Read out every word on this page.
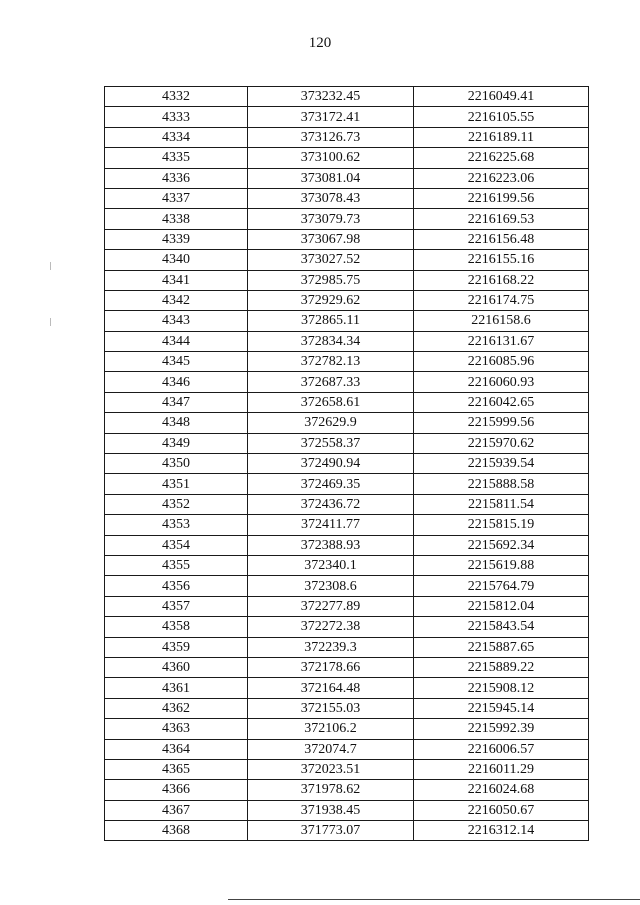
120
4332	373232.45	2216049.41
4333	373172.41	2216105.55
4334	373126.73	2216189.11
4335	373100.62	2216225.68
4336	373081.04	2216223.06
4337	373078.43	2216199.56
4338	373079.73	2216169.53
4339	373067.98	2216156.48
4340	373027.52	2216155.16
4341	372985.75	2216168.22
4342	372929.62	2216174.75
4343	372865.11	2216158.6
4344	372834.34	2216131.67
4345	372782.13	2216085.96
4346	372687.33	2216060.93
4347	372658.61	2216042.65
4348	372629.9	2215999.56
4349	372558.37	2215970.62
4350	372490.94	2215939.54
4351	372469.35	2215888.58
4352	372436.72	2215811.54
4353	372411.77	2215815.19
4354	372388.93	2215692.34
4355	372340.1	2215619.88
4356	372308.6	2215764.79
4357	372277.89	2215812.04
4358	372272.38	2215843.54
4359	372239.3	2215887.65
4360	372178.66	2215889.22
4361	372164.48	2215908.12
4362	372155.03	2215945.14
4363	372106.2	2215992.39
4364	372074.7	2216006.57
4365	372023.51	2216011.29
4366	371978.62	2216024.68
4367	371938.45	2216050.67
4368	371773.07	2216312.14
